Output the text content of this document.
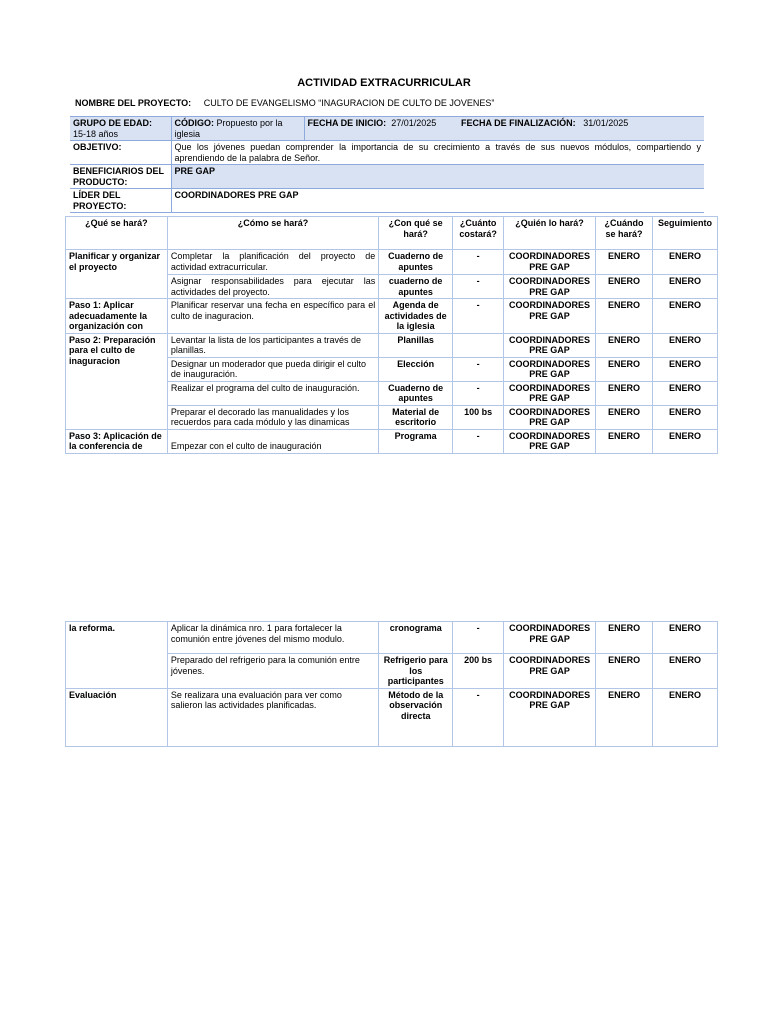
ACTIVIDAD EXTRACURRICULAR
NOMBRE DEL PROYECTO: CULTO DE EVANGELISMO “INAGURACION DE CULTO DE JOVENES”
GRUPO DE EDAD: 15-18 años	CÓDIGO: Propuesto por la iglesia	FECHA DE INICIO: 27/01/2025	FECHA DE FINALIZACIÓN: 31/01/2025
OBJETIVO:	Que los jóvenes puedan comprender la importancia de su crecimiento a través de sus nuevos módulos, compartiendo y aprendiendo de la palabra de Señor.		
BENEFICIARIOS DEL PRODUCTO:	PRE GAP		
LÍDER DEL PROYECTO:	COORDINADORES PRE GAP		
¿Qué se hará?	¿Cómo se hará?	¿Con qué se hará?	¿Cuánto costará?	¿Quién lo hará?	¿Cuándo se hará?	Seguimiento
Planificar y organizar el proyecto	Completar la planificación del proyecto de actividad extracurricular.	Cuaderno de apuntes	-	COORDINADORES PRE GAP	ENERO	ENERO
	Asignar responsabilidades para ejecutar las actividades del proyecto.	cuaderno de apuntes	-	COORDINADORES PRE GAP	ENERO	ENERO
Paso 1: Aplicar adecuadamente la organización con	Planificar reservar una fecha en específico para el culto de inaguracion.	Agenda de actividades de la iglesia	-	COORDINADORES PRE GAP	ENERO	ENERO
Paso 2: Preparación para el culto de inaguracion	Levantar la lista de los participantes a través de planillas.	Planillas		COORDINADORES PRE GAP	ENERO	ENERO
	Designar un moderador que pueda dirigir el culto de inauguración.	Elección	-	COORDINADORES PRE GAP	ENERO	ENERO
	Realizar el programa del culto de inauguración.	Cuaderno de apuntes	-	COORDINADORES PRE GAP	ENERO	ENERO
	Preparar el decorado las manualidades y los recuerdos para cada módulo y las dinamicas	Material de escritorio	100 bs	COORDINADORES PRE GAP	ENERO	ENERO
Paso 3: Aplicación de la conferencia de	Empezar con el culto de inauguración	Programa	-	COORDINADORES PRE GAP	ENERO	ENERO
la reforma.	Aplicar la dinámica nro. 1 para fortalecer la comunión entre jóvenes del mismo modulo.	cronograma	-	COORDINADORES PRE GAP	ENERO	ENERO
	Preparado del refrigerio para la comunión entre jóvenes.	Refrigerio para los participantes	200 bs	COORDINADORES PRE GAP	ENERO	ENERO
Evaluación	Se realizara una evaluación para ver como salieron las actividades planificadas.	Método de la observación directa	-	COORDINADORES PRE GAP	ENERO	ENERO
